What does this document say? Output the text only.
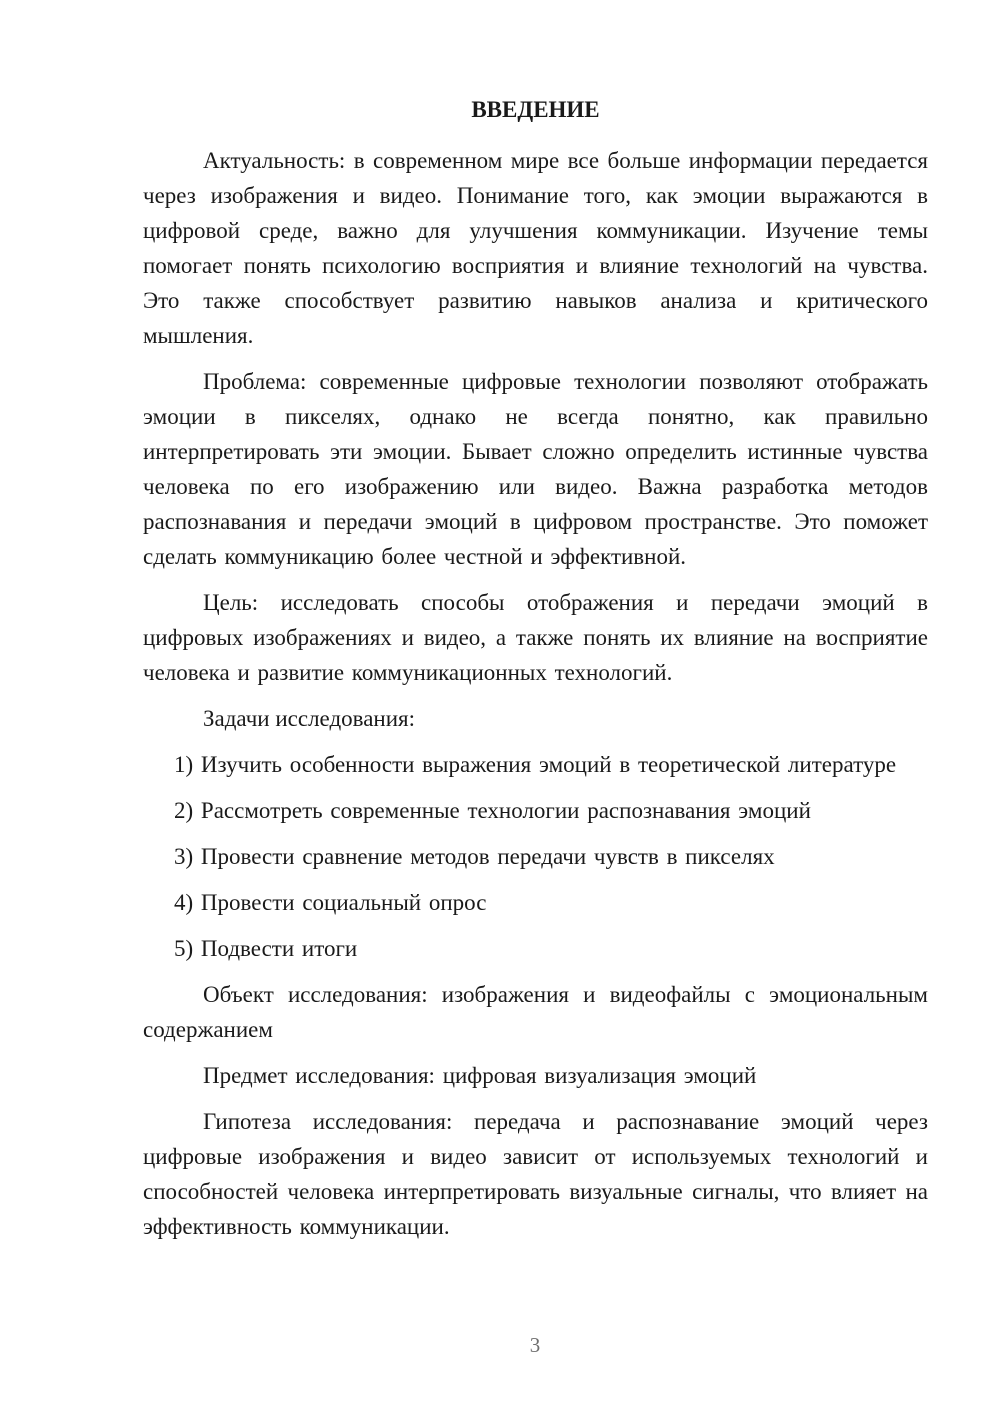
ВВЕДЕНИЕ

Актуальность: в современном мире все больше информации передается через изображения и видео. Понимание того, как эмоции выражаются в цифровой среде, важно для улучшения коммуникации. Изучение темы помогает понять психологию восприятия и влияние технологий на чувства. Это также способствует развитию навыков анализа и критического мышления.

Проблема: современные цифровые технологии позволяют отображать эмоции в пикселях, однако не всегда понятно, как правильно интерпретировать эти эмоции. Бывает сложно определить истинные чувства человека по его изображению или видео. Важна разработка методов распознавания и передачи эмоций в цифровом пространстве. Это поможет сделать коммуникацию более честной и эффективной.

Цель: исследовать способы отображения и передачи эмоций в цифровых изображениях и видео, а также понять их влияние на восприятие человека и развитие коммуникационных технологий.

Задачи исследования:

1) Изучить особенности выражения эмоций в теоретической литературе

2) Рассмотреть современные технологии распознавания эмоций

3) Провести сравнение методов передачи чувств в пикселях

4) Провести социальный опрос

5) Подвести итоги

Объект исследования: изображения и видеофайлы с эмоциональным содержанием

Предмет исследования: цифровая визуализация эмоций

Гипотеза исследования: передача и распознавание эмоций через цифровые изображения и видео зависит от используемых технологий и способностей человека интерпретировать визуальные сигналы, что влияет на эффективность коммуникации.

3
